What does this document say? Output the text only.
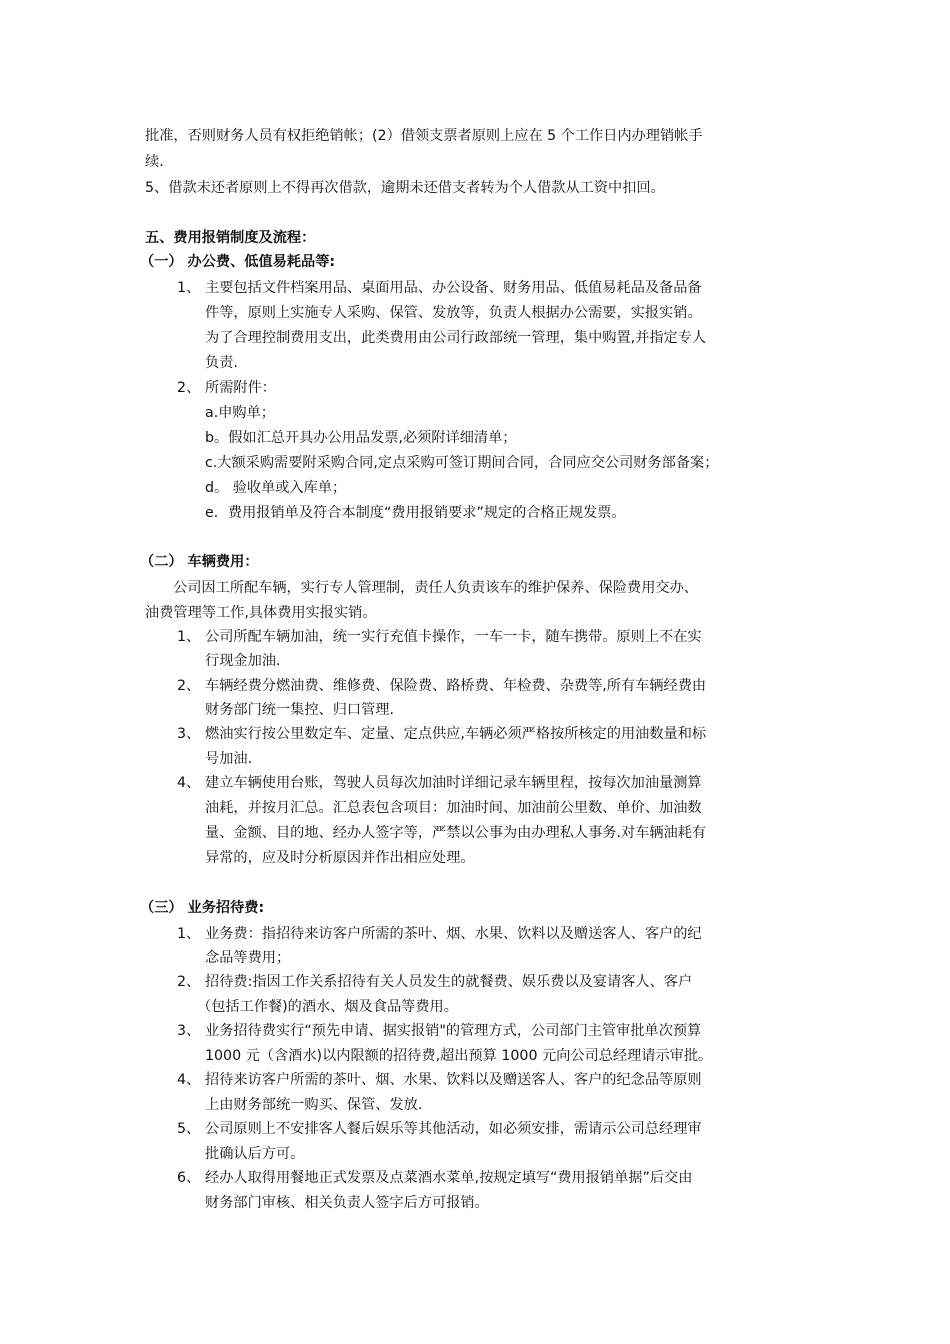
批准，否则财务人员有权拒绝销帐；(2）借领支票者原则上应在 5 个工作日内办理销帐手
续.
5、借款未还者原则上不得再次借款，逾期未还借支者转为个人借款从工资中扣回。
五、费用报销制度及流程：
（一） 办公费、低值易耗品等:
1、 主要包括文件档案用品、桌面用品、办公设备、财务用品、低值易耗品及备品备
件等，原则上实施专人采购、保管、发放等，负责人根据办公需要，实报实销。
为了合理控制费用支出，此类费用由公司行政部统一管理，集中购置,并指定专人
负责.
2、 所需附件：
a.申购单；
b。假如汇总开具办公用品发票,必须附详细清单；
c.大额采购需要附采购合同,定点采购可签订期间合同，合同应交公司财务部备案；
d。 验收单或入库单；
e．费用报销单及符合本制度“费用报销要求”规定的合格正规发票。
（二） 车辆费用：
公司因工所配车辆，实行专人管理制，责任人负责该车的维护保养、保险费用交办、
油费管理等工作,具体费用实报实销。
1、 公司所配车辆加油，统一实行充值卡操作，一车一卡，随车携带。原则上不在实
行现金加油.
2、 车辆经费分燃油费、维修费、保险费、路桥费、年检费、杂费等,所有车辆经费由
财务部门统一集控、归口管理.
3、 燃油实行按公里数定车、定量、定点供应,车辆必须严格按所核定的用油数量和标
号加油.
4、 建立车辆使用台账，驾驶人员每次加油时详细记录车辆里程，按每次加油量测算
油耗，并按月汇总。汇总表包含项目：加油时间、加油前公里数、单价、加油数
量、金额、目的地、经办人签字等，严禁以公事为由办理私人事务.对车辆油耗有
异常的，应及时分析原因并作出相应处理。
（三） 业务招待费:
1、 业务费：指招待来访客户所需的茶叶、烟、水果、饮料以及赠送客人、客户的纪
念品等费用；
2、 招待费:指因工作关系招待有关人员发生的就餐费、娱乐费以及宴请客人、客户
（包括工作餐)的酒水、烟及食品等费用。
3、 业务招待费实行“预先申请、据实报销"的管理方式，公司部门主管审批单次预算
1000 元（含酒水)以内限额的招待费,超出预算 1000 元向公司总经理请示审批。
4、 招待来访客户所需的茶叶、烟、水果、饮料以及赠送客人、客户的纪念品等原则
上由财务部统一购买、保管、发放.
5、 公司原则上不安排客人餐后娱乐等其他活动，如必须安排，需请示公司总经理审
批确认后方可。
6、 经办人取得用餐地正式发票及点菜酒水菜单,按规定填写“费用报销单据”后交由
财务部门审核、相关负责人签字后方可报销。
